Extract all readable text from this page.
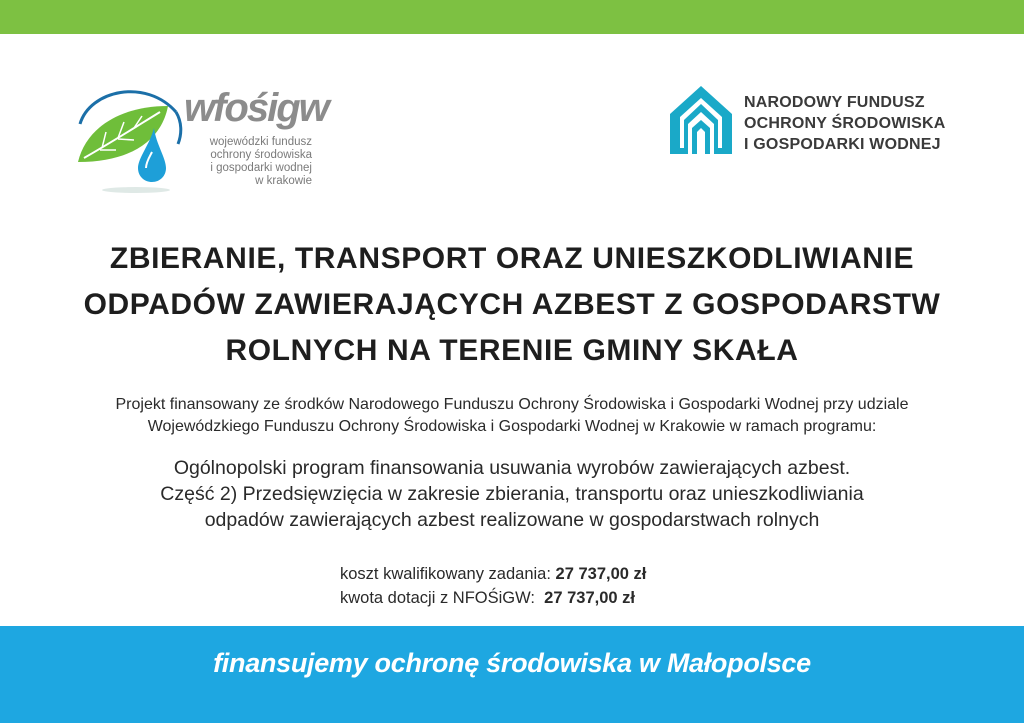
wfośigw
wojewódzki fundusz
ochrony środowiska
i gospodarki wodnej
w krakowie
NARODOWY FUNDUSZ
OCHRONY ŚRODOWISKA
I GOSPODARKI WODNEJ
ZBIERANIE, TRANSPORT ORAZ UNIESZKODLIWIANIE
ODPADÓW ZAWIERAJĄCYCH AZBEST Z GOSPODARSTW
ROLNYCH NA TERENIE GMINY SKAŁA
Projekt finansowany ze środków Narodowego Funduszu Ochrony Środowiska i Gospodarki Wodnej przy udziale
Wojewódzkiego Funduszu Ochrony Środowiska i Gospodarki Wodnej w Krakowie w ramach programu:
Ogólnopolski program finansowania usuwania wyrobów zawierających azbest.
Część 2) Przedsięwzięcia w zakresie zbierania, transportu oraz unieszkodliwiania
odpadów zawierających azbest realizowane w gospodarstwach rolnych
koszt kwalifikowany zadania: 27 737,00 zł
kwota dotacji z NFOŚiGW: 27 737,00 zł
finansujemy ochronę środowiska w Małopolsce
